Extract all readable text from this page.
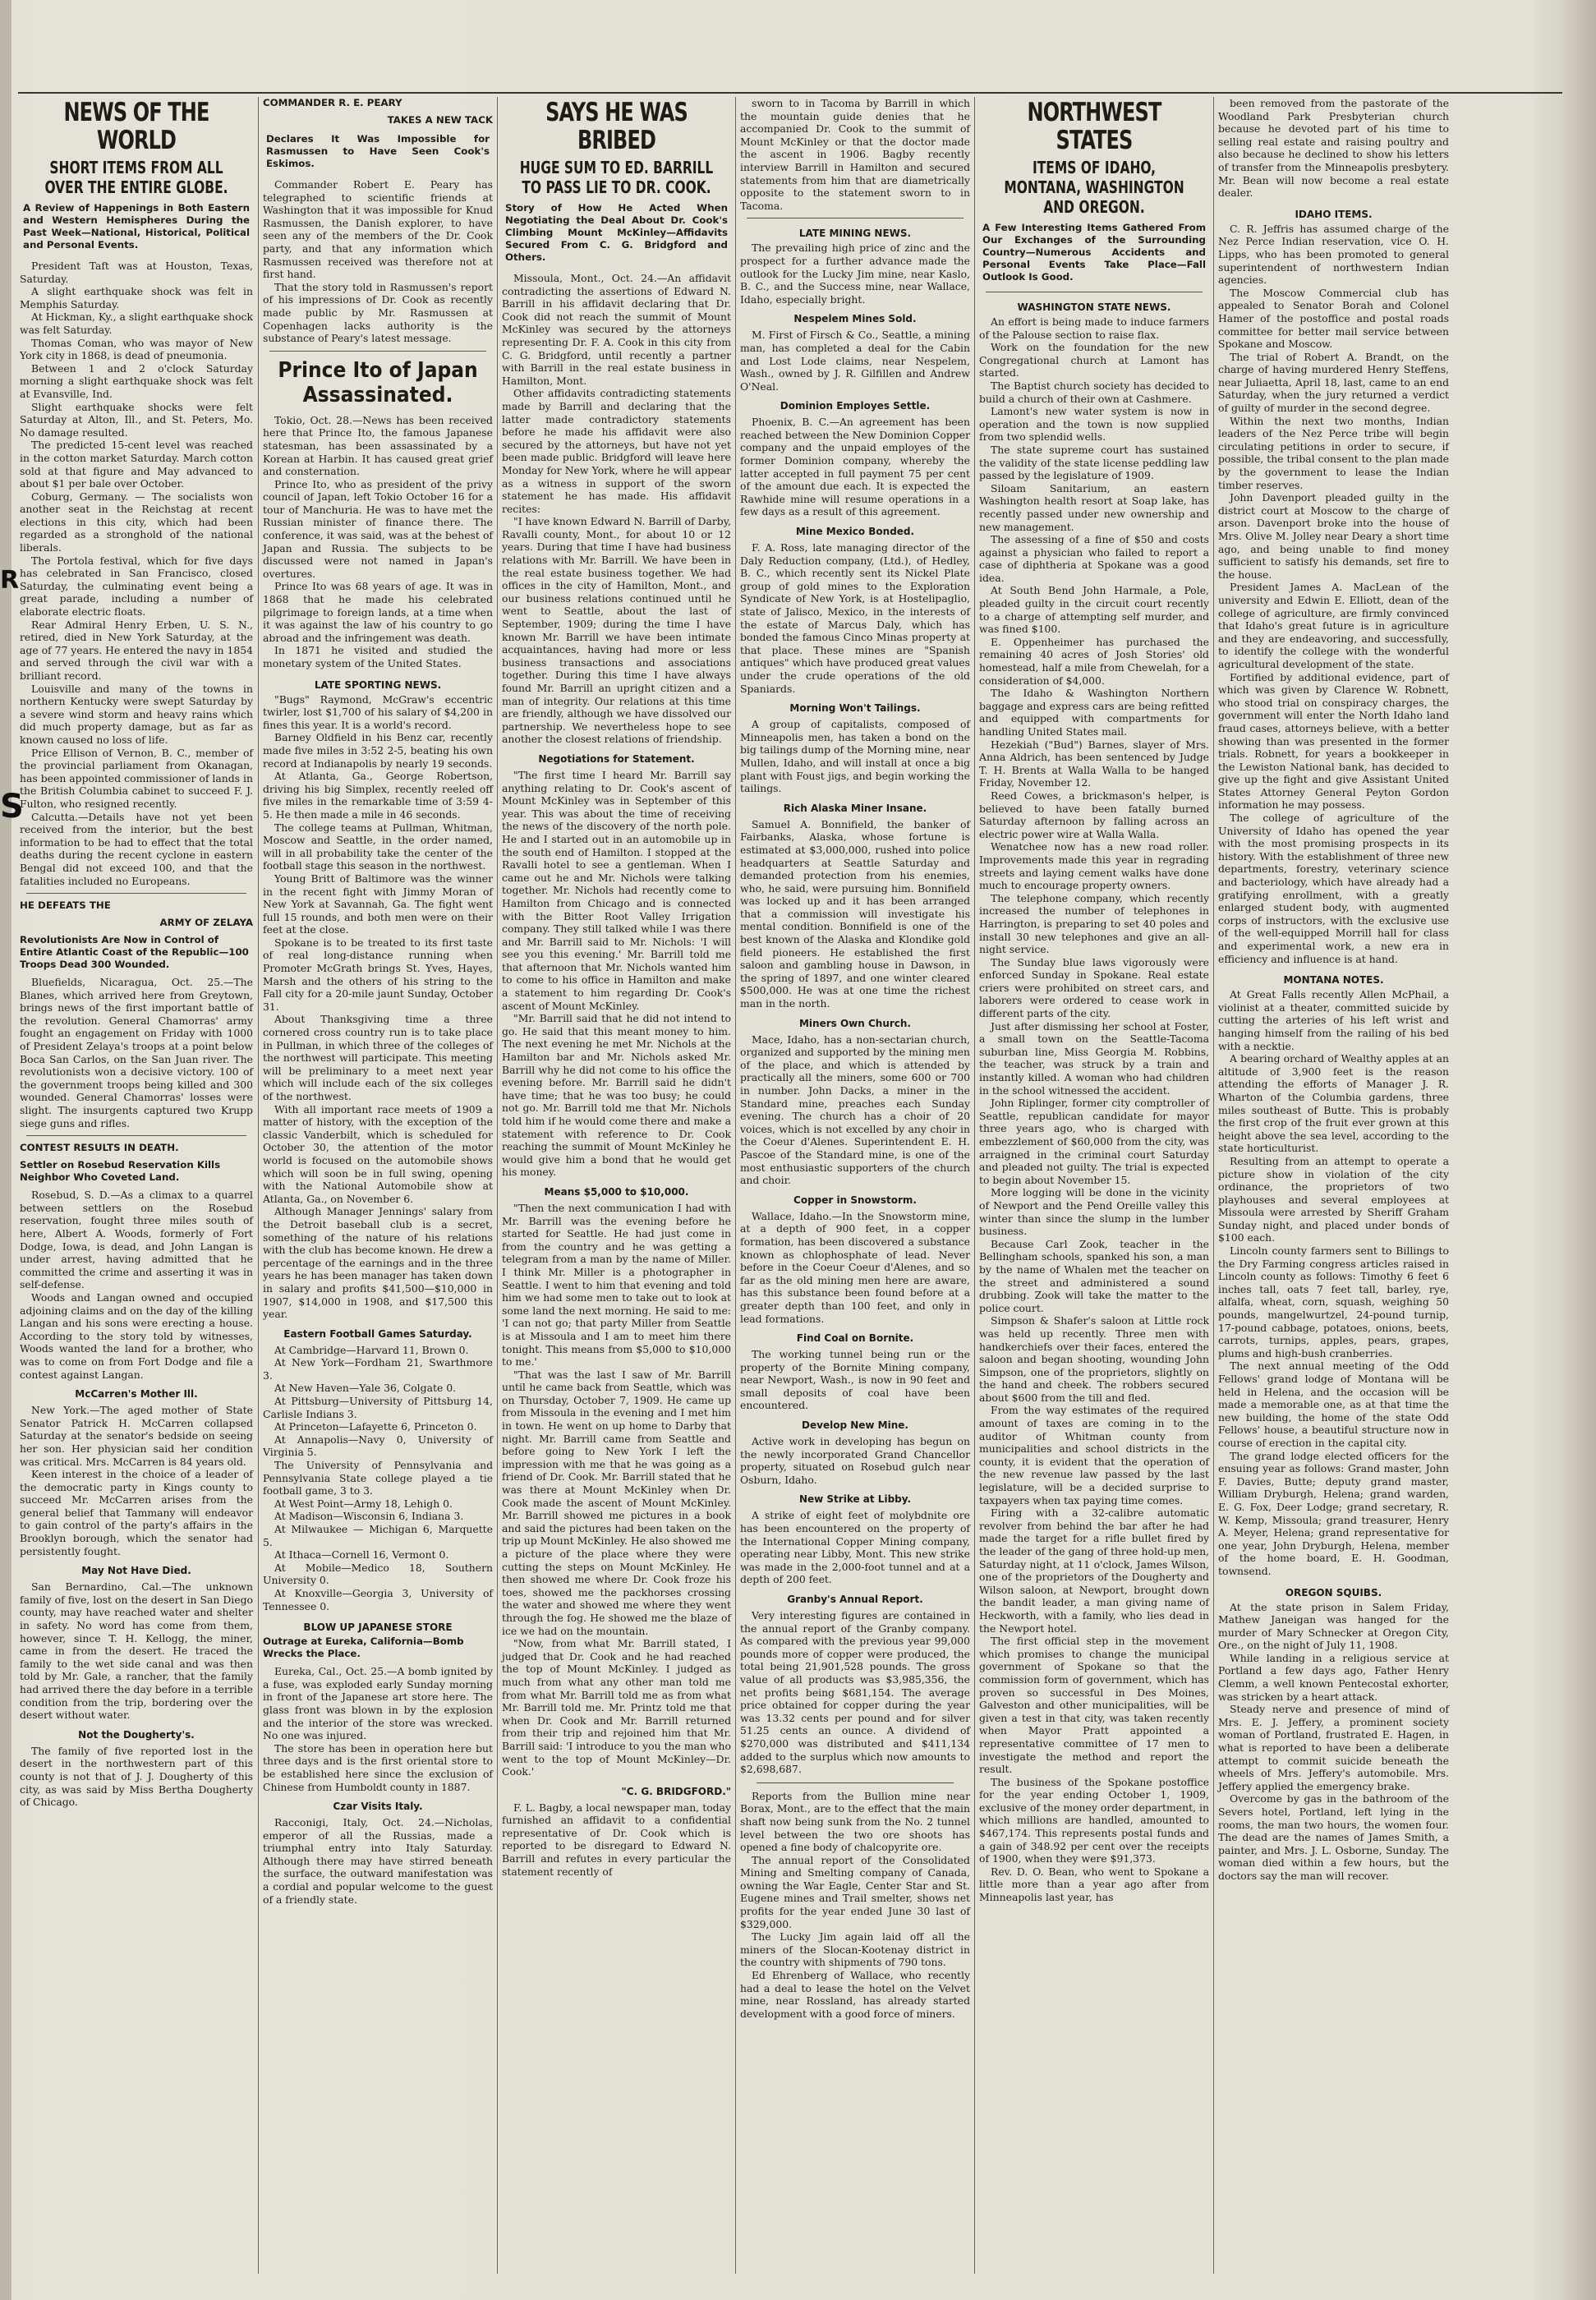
R
S
NEWS OF THE WORLD
SHORT ITEMS FROM ALL OVER THE ENTIRE GLOBE.
A Review of Happenings in Both Eastern and Western Hemispheres During the Past Week—National, Historical, Political and Personal Events.

President Taft was at Houston, Texas, Saturday.

A slight earthquake shock was felt in Memphis Saturday.

At Hickman, Ky., a slight earthquake shock was felt Saturday.

Thomas Coman, who was mayor of New York city in 1868, is dead of pneumonia.

Between 1 and 2 o'clock Saturday morning a slight earthquake shock was felt at Evansville, Ind.

Slight earthquake shocks were felt Saturday at Alton, Ill., and St. Peters, Mo. No damage resulted.

The predicted 15-cent level was reached in the cotton market Saturday. March cotton sold at that figure and May advanced to about $1 per bale over October.

Coburg, Germany. — The socialists won another seat in the Reichstag at recent elections in this city, which had been regarded as a stronghold of the national liberals.

The Portola festival, which for five days has celebrated in San Francisco, closed Saturday, the culminating event being a great parade, including a number of elaborate electric floats.

Rear Admiral Henry Erben, U. S. N., retired, died in New York Saturday, at the age of 77 years. He entered the navy in 1854 and served through the civil war with a brilliant record.

Louisville and many of the towns in northern Kentucky were swept Saturday by a severe wind storm and heavy rains which did much property damage, but as far as known caused no loss of life.

Price Ellison of Vernon, B. C., member of the provincial parliament from Okanagan, has been appointed commissioner of lands in the British Columbia cabinet to succeed F. J. Fulton, who resigned recently.

Calcutta.—Details have not yet been received from the interior, but the best information to be had to effect that the total deaths during the recent cyclone in eastern Bengal did not exceed 100, and that the fatalities included no Europeans.

HE DEFEATS THE
ARMY OF ZELAYA
Revolutionists Are Now in Control of Entire Atlantic Coast of the Republic—100 Troops Dead 300 Wounded.

Bluefields, Nicaragua, Oct. 25.—The Blanes, which arrived here from Greytown, brings news of the first important battle of the revolution. General Chamorras' army fought an engagement on Friday with 1000 of President Zelaya's troops at a point below Boca San Carlos, on the San Juan river. The revolutionists won a decisive victory. 100 of the government troops being killed and 300 wounded. General Chamorras' losses were slight. The insurgents captured two Krupp siege guns and rifles.

CONTEST RESULTS IN DEATH.
Settler on Rosebud Reservation Kills Neighbor Who Coveted Land.

Rosebud, S. D.—As a climax to a quarrel between settlers on the Rosebud reservation, fought three miles south of here, Albert A. Woods, formerly of Fort Dodge, Iowa, is dead, and John Langan is under arrest, having admitted that he committed the crime and asserting it was in self-defense.

Woods and Langan owned and occupied adjoining claims and on the day of the killing Langan and his sons were erecting a house. According to the story told by witnesses, Woods wanted the land for a brother, who was to come on from Fort Dodge and file a contest against Langan.

McCarren's Mother Ill.

New York.—The aged mother of State Senator Patrick H. McCarren collapsed Saturday at the senator's bedside on seeing her son. Her physician said her condition was critical. Mrs. McCarren is 84 years old.

Keen interest in the choice of a leader of the democratic party in Kings county to succeed Mr. McCarren arises from the general belief that Tammany will endeavor to gain control of the party's affairs in the Brooklyn borough, which the senator had persistently fought.

May Not Have Died.

San Bernardino, Cal.—The unknown family of five, lost on the desert in San Diego county, may have reached water and shelter in safety. No word has come from them, however, since T. H. Kellogg, the miner, came in from the desert. He traced the family to the wet side canal and was then told by Mr. Gale, a rancher, that the family had arrived there the day before in a terrible condition from the trip, bordering over the desert without water.

Not the Dougherty's.

The family of five reported lost in the desert in the northwestern part of this county is not that of J. J. Dougherty of this city, as was said by Miss Bertha Dougherty of Chicago.

COMMANDER R. E. PEARY
TAKES A NEW TACK
Declares It Was Impossible for Rasmussen to Have Seen Cook's Eskimos.

Commander Robert E. Peary has telegraphed to scientific friends at Washington that it was impossible for Knud Rasmussen, the Danish explorer, to have seen any of the members of the Dr. Cook party, and that any information which Rasmussen received was therefore not at first hand.

That the story told in Rasmussen's report of his impressions of Dr. Cook as recently made public by Mr. Rasmussen at Copenhagen lacks authority is the substance of Peary's latest message.

Prince Ito of Japan Assassinated.

Tokio, Oct. 28.—News has been received here that Prince Ito, the famous Japanese statesman, has been assassinated by a Korean at Harbin. It has caused great grief and consternation.

Prince Ito, who as president of the privy council of Japan, left Tokio October 16 for a tour of Manchuria. He was to have met the Russian minister of finance there. The conference, it was said, was at the behest of Japan and Russia. The subjects to be discussed were not named in Japan's overtures.

Prince Ito was 68 years of age. It was in 1868 that he made his celebrated pilgrimage to foreign lands, at a time when it was against the law of his country to go abroad and the infringement was death.

In 1871 he visited and studied the monetary system of the United States.

LATE SPORTING NEWS.

"Bugs" Raymond, McGraw's eccentric twirler, lost $1,700 of his salary of $4,200 in fines this year. It is a world's record.

Barney Oldfield in his Benz car, recently made five miles in 3:52 2-5, beating his own record at Indianapolis by nearly 19 seconds.

At Atlanta, Ga., George Robertson, driving his big Simplex, recently reeled off five miles in the remarkable time of 3:59 4-5. He then made a mile in 46 seconds.

The college teams at Pullman, Whitman, Moscow and Seattle, in the order named, will in all probability take the center of the football stage this season in the northwest.

Young Britt of Baltimore was the winner in the recent fight with Jimmy Moran of New York at Savannah, Ga. The fight went full 15 rounds, and both men were on their feet at the close.

Spokane is to be treated to its first taste of real long-distance running when Promoter McGrath brings St. Yves, Hayes, Marsh and the others of his string to the Fall city for a 20-mile jaunt Sunday, October 31.

About Thanksgiving time a three cornered cross country run is to take place in Pullman, in which three of the colleges of the northwest will participate. This meeting will be preliminary to a meet next year which will include each of the six colleges of the northwest.

With all important race meets of 1909 a matter of history, with the exception of the classic Vanderbilt, which is scheduled for October 30, the attention of the motor world is focused on the automobile shows which will soon be in full swing, opening with the National Automobile show at Atlanta, Ga., on November 6.

Although Manager Jennings' salary from the Detroit baseball club is a secret, something of the nature of his relations with the club has become known. He drew a percentage of the earnings and in the three years he has been manager has taken down in salary and profits $41,500—$10,000 in 1907, $14,000 in 1908, and $17,500 this year.

Eastern Football Games Saturday.

At Cambridge—Harvard 11, Brown 0.

At New York—Fordham 21, Swarthmore 3.

At New Haven—Yale 36, Colgate 0.

At Pittsburg—University of Pittsburg 14, Carlisle Indians 3.

At Princeton—Lafayette 6, Princeton 0.

At Annapolis—Navy 0, University of Virginia 5.

The University of Pennsylvania and Pennsylvania State college played a tie football game, 3 to 3.

At West Point—Army 18, Lehigh 0.

At Madison—Wisconsin 6, Indiana 3.

At Milwaukee — Michigan 6, Marquette 5.

At Ithaca—Cornell 16, Vermont 0.

At Mobile—Medico 18, Southern University 0.

At Knoxville—Georgia 3, University of Tennessee 0.

BLOW UP JAPANESE STORE
Outrage at Eureka, California—Bomb Wrecks the Place.

Eureka, Cal., Oct. 25.—A bomb ignited by a fuse, was exploded early Sunday morning in front of the Japanese art store here. The glass front was blown in by the explosion and the interior of the store was wrecked. No one was injured.

The store has been in operation here but three days and is the first oriental store to be established here since the exclusion of Chinese from Humboldt county in 1887.

Czar Visits Italy.

Racconigi, Italy, Oct. 24.—Nicholas, emperor of all the Russias, made a triumphal entry into Italy Saturday. Although there may have stirred beneath the surface, the outward manifestation was a cordial and popular welcome to the guest of a friendly state.

SAYS HE WAS BRIBED
HUGE SUM TO ED. BARRILL TO PASS LIE TO DR. COOK.
Story of How He Acted When Negotiating the Deal About Dr. Cook's Climbing Mount McKinley—Affidavits Secured From C. G. Bridgford and Others.

Missoula, Mont., Oct. 24.—An affidavit contradicting the assertions of Edward N. Barrill in his affidavit declaring that Dr. Cook did not reach the summit of Mount McKinley was secured by the attorneys representing Dr. F. A. Cook in this city from C. G. Bridgford, until recently a partner with Barrill in the real estate business in Hamilton, Mont.

Other affidavits contradicting statements made by Barrill and declaring that the latter made contradictory statements before he made his affidavit were also secured by the attorneys, but have not yet been made public. Bridgford will leave here Monday for New York, where he will appear as a witness in support of the sworn statement he has made. His affidavit recites:

"I have known Edward N. Barrill of Darby, Ravalli county, Mont., for about 10 or 12 years. During that time I have had business relations with Mr. Barrill. We have been in the real estate business together. We had offices in the city of Hamilton, Mont., and our business relations continued until he went to Seattle, about the last of September, 1909; during the time I have known Mr. Barrill we have been intimate acquaintances, having had more or less business transactions and associations together. During this time I have always found Mr. Barrill an upright citizen and a man of integrity. Our relations at this time are friendly, although we have dissolved our partnership. We nevertheless hope to see another the closest relations of friendship.

Negotiations for Statement.

"The first time I heard Mr. Barrill say anything relating to Dr. Cook's ascent of Mount McKinley was in September of this year. This was about the time of receiving the news of the discovery of the north pole. He and I started out in an automobile up in the south end of Hamilton. I stopped at the Ravalli hotel to see a gentleman. When I came out he and Mr. Nichols were talking together. Mr. Nichols had recently come to Hamilton from Chicago and is connected with the Bitter Root Valley Irrigation company. They still talked while I was there and Mr. Barrill said to Mr. Nichols: 'I will see you this evening.' Mr. Barrill told me that afternoon that Mr. Nichols wanted him to come to his office in Hamilton and make a statement to him regarding Dr. Cook's ascent of Mount McKinley.

"Mr. Barrill said that he did not intend to go. He said that this meant money to him. The next evening he met Mr. Nichols at the Hamilton bar and Mr. Nichols asked Mr. Barrill why he did not come to his office the evening before. Mr. Barrill said he didn't have time; that he was too busy; he could not go. Mr. Barrill told me that Mr. Nichols told him if he would come there and make a statement with reference to Dr. Cook reaching the summit of Mount McKinley he would give him a bond that he would get his money.

Means $5,000 to $10,000.

"Then the next communication I had with Mr. Barrill was the evening before he started for Seattle. He had just come in from the country and he was getting a telegram from a man by the name of Miller. I think Mr. Miller is a photographer in Seattle. I went to him that evening and told him we had some men to take out to look at some land the next morning. He said to me: 'I can not go; that party Miller from Seattle is at Missoula and I am to meet him there tonight. This means from $5,000 to $10,000 to me.'

"That was the last I saw of Mr. Barrill until he came back from Seattle, which was on Thursday, October 7, 1909. He came up from Missoula in the evening and I met him in town. He went on up home to Darby that night. Mr. Barrill came from Seattle and before going to New York I left the impression with me that he was going as a friend of Dr. Cook. Mr. Barrill stated that he was there at Mount McKinley when Dr. Cook made the ascent of Mount McKinley. Mr. Barrill showed me pictures in a book and said the pictures had been taken on the trip up Mount McKinley. He also showed me a picture of the place where they were cutting the steps on Mount McKinley. He then showed me where Dr. Cook froze his toes, showed me the packhorses crossing the water and showed me where they went through the fog. He showed me the blaze of ice we had on the mountain.

"Now, from what Mr. Barrill stated, I judged that Dr. Cook and he had reached the top of Mount McKinley. I judged as much from what any other man told me from what Mr. Barrill told me as from what Mr. Barrill told me. Mr. Printz told me that when Dr. Cook and Mr. Barrill returned from their trip and rejoined him that Mr. Barrill said: 'I introduce to you the man who went to the top of Mount McKinley—Dr. Cook.'

"C. G. BRIDGFORD."

F. L. Bagby, a local newspaper man, today furnished an affidavit to a confidential representative of Dr. Cook which is reported to be disregard to Edward N. Barrill and refutes in every particular the statement recently of

sworn to in Tacoma by Barrill in which the mountain guide denies that he accompanied Dr. Cook to the summit of Mount McKinley or that the doctor made the ascent in 1906. Bagby recently interview Barrill in Hamilton and secured statements from him that are diametrically opposite to the statement sworn to in Tacoma.

LATE MINING NEWS.

The prevailing high price of zinc and the prospect for a further advance made the outlook for the Lucky Jim mine, near Kaslo, B. C., and the Success mine, near Wallace, Idaho, especially bright.

Nespelem Mines Sold.

M. First of Firsch & Co., Seattle, a mining man, has completed a deal for the Cabin and Lost Lode claims, near Nespelem, Wash., owned by J. R. Gilfillen and Andrew O'Neal.

Dominion Employes Settle.

Phoenix, B. C.—An agreement has been reached between the New Dominion Copper company and the unpaid employes of the former Dominion company, whereby the latter accepted in full payment 75 per cent of the amount due each. It is expected the Rawhide mine will resume operations in a few days as a result of this agreement.

Mine Mexico Bonded.

F. A. Ross, late managing director of the Daly Reduction company, (Ltd.), of Hedley, B. C., which recently sent its Nickel Plate group of gold mines to the Exploration Syndicate of New York, is at Hostelipaglio, state of Jalisco, Mexico, in the interests of the estate of Marcus Daly, which has bonded the famous Cinco Minas property at that place. These mines are "Spanish antiques" which have produced great values under the crude operations of the old Spaniards.

Morning Won't Tailings.

A group of capitalists, composed of Minneapolis men, has taken a bond on the big tailings dump of the Morning mine, near Mullen, Idaho, and will install at once a big plant with Foust jigs, and begin working the tailings.

Rich Alaska Miner Insane.

Samuel A. Bonnifield, the banker of Fairbanks, Alaska, whose fortune is estimated at $3,000,000, rushed into police headquarters at Seattle Saturday and demanded protection from his enemies, who, he said, were pursuing him. Bonnifield was locked up and it has been arranged that a commission will investigate his mental condition. Bonnifield is one of the best known of the Alaska and Klondike gold field pioneers. He established the first saloon and gambling house in Dawson, in the spring of 1897, and one winter cleared $500,000. He was at one time the richest man in the north.

Miners Own Church.

Mace, Idaho, has a non-sectarian church, organized and supported by the mining men of the place, and which is attended by practically all the miners, some 600 or 700 in number. John Dacks, a miner in the Standard mine, preaches each Sunday evening. The church has a choir of 20 voices, which is not excelled by any choir in the Coeur d'Alenes. Superintendent E. H. Pascoe of the Standard mine, is one of the most enthusiastic supporters of the church and choir.

Copper in Snowstorm.

Wallace, Idaho.—In the Snowstorm mine, at a depth of 900 feet, in a copper formation, has been discovered a substance known as chlophosphate of lead. Never before in the Coeur Coeur d'Alenes, and so far as the old mining men here are aware, has this substance been found before at a greater depth than 100 feet, and only in lead formations.

Find Coal on Bornite.

The working tunnel being run or the property of the Bornite Mining company, near Newport, Wash., is now in 90 feet and small deposits of coal have been encountered.

Develop New Mine.

Active work in developing has begun on the newly incorporated Grand Chancellor property, situated on Rosebud gulch near Osburn, Idaho.

New Strike at Libby.

A strike of eight feet of molybdnite ore has been encountered on the property of the International Copper Mining company, operating near Libby, Mont. This new strike was made in the 2,000-foot tunnel and at a depth of 200 feet.

Granby's Annual Report.

Very interesting figures are contained in the annual report of the Granby company. As compared with the previous year 99,000 pounds more of copper were produced, the total being 21,901,528 pounds. The gross value of all products was $3,985,356, the net profits being $681,154. The average price obtained for copper during the year was 13.32 cents per pound and for silver 51.25 cents an ounce. A dividend of $270,000 was distributed and $411,134 added to the surplus which now amounts to $2,698,687.

Reports from the Bullion mine near Borax, Mont., are to the effect that the main shaft now being sunk from the No. 2 tunnel level between the two ore shoots has opened a fine body of chalcopyrite ore.

The annual report of the Consolidated Mining and Smelting company of Canada, owning the War Eagle, Center Star and St. Eugene mines and Trail smelter, shows net profits for the year ended June 30 last of $329,000.

The Lucky Jim again laid off all the miners of the Slocan-Kootenay district in the country with shipments of 790 tons.

Ed Ehrenberg of Wallace, who recently had a deal to lease the hotel on the Velvet mine, near Rossland, has already started development with a good force of miners.

NORTHWEST STATES
ITEMS OF IDAHO, MONTANA, WASHINGTON AND OREGON.
A Few Interesting Items Gathered From Our Exchanges of the Surrounding Country—Numerous Accidents and Personal Events Take Place—Fall Outlook Is Good.
WASHINGTON STATE NEWS.

An effort is being made to induce farmers of the Palouse section to raise flax.

Work on the foundation for the new Congregational church at Lamont has started.

The Baptist church society has decided to build a church of their own at Cashmere.

Lamont's new water system is now in operation and the town is now supplied from two splendid wells.

The state supreme court has sustained the validity of the state license peddling law passed by the legislature of 1909.

Siloam Sanitarium, an eastern Washington health resort at Soap lake, has recently passed under new ownership and new management.

The assessing of a fine of $50 and costs against a physician who failed to report a case of diphtheria at Spokane was a good idea.

At South Bend John Harmale, a Pole, pleaded guilty in the circuit court recently to a charge of attempting self murder, and was fined $100.

E. Oppenheimer has purchased the remaining 40 acres of Josh Stories' old homestead, half a mile from Chewelah, for a consideration of $4,000.

The Idaho & Washington Northern baggage and express cars are being refitted and equipped with compartments for handling United States mail.

Hezekiah ("Bud") Barnes, slayer of Mrs. Anna Aldrich, has been sentenced by Judge T. H. Brents at Walla Walla to be hanged Friday, November 12.

Reed Cowes, a brickmason's helper, is believed to have been fatally burned Saturday afternoon by falling across an electric power wire at Walla Walla.

Wenatchee now has a new road roller. Improvements made this year in regrading streets and laying cement walks have done much to encourage property owners.

The telephone company, which recently increased the number of telephones in Harrington, is preparing to set 40 poles and install 30 new telephones and give an all-night service.

The Sunday blue laws vigorously were enforced Sunday in Spokane. Real estate criers were prohibited on street cars, and laborers were ordered to cease work in different parts of the city.

Just after dismissing her school at Foster, a small town on the Seattle-Tacoma suburban line, Miss Georgia M. Robbins, the teacher, was struck by a train and instantly killed. A woman who had children in the school witnessed the accident.

John Riplinger, former city comptroller of Seattle, republican candidate for mayor three years ago, who is charged with embezzlement of $60,000 from the city, was arraigned in the criminal court Saturday and pleaded not guilty. The trial is expected to begin about November 15.

More logging will be done in the vicinity of Newport and the Pend Oreille valley this winter than since the slump in the lumber business.

Because Carl Zook, teacher in the Bellingham schools, spanked his son, a man by the name of Whalen met the teacher on the street and administered a sound drubbing. Zook will take the matter to the police court.

Simpson & Shafer's saloon at Little rock was held up recently. Three men with handkerchiefs over their faces, entered the saloon and began shooting, wounding John Simpson, one of the proprietors, slightly on the hand and cheek. The robbers secured about $600 from the till and fled.

From the way estimates of the required amount of taxes are coming in to the auditor of Whitman county from municipalities and school districts in the county, it is evident that the operation of the new revenue law passed by the last legislature, will be a decided surprise to taxpayers when tax paying time comes.

Firing with a 32-calibre automatic revolver from behind the bar after he had made the target for a rifle bullet fired by the leader of the gang of three hold-up men, Saturday night, at 11 o'clock, James Wilson, one of the proprietors of the Dougherty and Wilson saloon, at Newport, brought down the bandit leader, a man giving name of Heckworth, with a family, who lies dead in the Newport hotel.

The first official step in the movement which promises to change the municipal government of Spokane so that the commission form of government, which has proven so successful in Des Moines, Galveston and other municipalities, will be given a test in that city, was taken recently when Mayor Pratt appointed a representative committee of 17 men to investigate the method and report the result.

The business of the Spokane postoffice for the year ending October 1, 1909, exclusive of the money order department, in which millions are handled, amounted to $467,174. This represents postal funds and a gain of 348.92 per cent over the receipts of 1900, when they were $91,373.

Rev. D. O. Bean, who went to Spokane a little more than a year ago after from Minneapolis last year, has

been removed from the pastorate of the Woodland Park Presbyterian church because he devoted part of his time to selling real estate and raising poultry and also because he declined to show his letters of transfer from the Minneapolis presbytery. Mr. Bean will now become a real estate dealer.

IDAHO ITEMS.

C. R. Jeffris has assumed charge of the Nez Perce Indian reservation, vice O. H. Lipps, who has been promoted to general superintendent of northwestern Indian agencies.

The Moscow Commercial club has appealed to Senator Borah and Colonel Hamer of the postoffice and postal roads committee for better mail service between Spokane and Moscow.

The trial of Robert A. Brandt, on the charge of having murdered Henry Steffens, near Juliaetta, April 18, last, came to an end Saturday, when the jury returned a verdict of guilty of murder in the second degree.

Within the next two months, Indian leaders of the Nez Perce tribe will begin circulating petitions in order to secure, if possible, the tribal consent to the plan made by the government to lease the Indian timber reserves.

John Davenport pleaded guilty in the district court at Moscow to the charge of arson. Davenport broke into the house of Mrs. Olive M. Jolley near Deary a short time ago, and being unable to find money sufficient to satisfy his demands, set fire to the house.

President James A. MacLean of the university and Edwin E. Elliott, dean of the college of agriculture, are firmly convinced that Idaho's great future is in agriculture and they are endeavoring, and successfully, to identify the college with the wonderful agricultural development of the state.

Fortified by additional evidence, part of which was given by Clarence W. Robnett, who stood trial on conspiracy charges, the government will enter the North Idaho land fraud cases, attorneys believe, with a better showing than was presented in the former trials. Robnett, for years a bookkeeper in the Lewiston National bank, has decided to give up the fight and give Assistant United States Attorney General Peyton Gordon information he may possess.

The college of agriculture of the University of Idaho has opened the year with the most promising prospects in its history. With the establishment of three new departments, forestry, veterinary science and bacteriology, which have already had a gratifying enrollment, with a greatly enlarged student body, with augmented corps of instructors, with the exclusive use of the well-equipped Morrill hall for class and experimental work, a new era in efficiency and influence is at hand.

MONTANA NOTES.

At Great Falls recently Allen McPhail, a violinist at a theater, committed suicide by cutting the arteries of his left wrist and hanging himself from the railing of his bed with a necktie.

A bearing orchard of Wealthy apples at an altitude of 3,900 feet is the reason attending the efforts of Manager J. R. Wharton of the Columbia gardens, three miles southeast of Butte. This is probably the first crop of the fruit ever grown at this height above the sea level, according to the state horticulturist.

Resulting from an attempt to operate a picture show in violation of the city ordinance, the proprietors of two playhouses and several employees at Missoula were arrested by Sheriff Graham Sunday night, and placed under bonds of $100 each.

Lincoln county farmers sent to Billings to the Dry Farming congress articles raised in Lincoln county as follows: Timothy 6 feet 6 inches tall, oats 7 feet tall, barley, rye, alfalfa, wheat, corn, squash, weighing 50 pounds, mangelwurtzel, 24-pound turnip, 17-pound cabbage, potatoes, onions, beets, carrots, turnips, apples, pears, grapes, plums and high-bush cranberries.

The next annual meeting of the Odd Fellows' grand lodge of Montana will be held in Helena, and the occasion will be made a memorable one, as at that time the new building, the home of the state Odd Fellows' house, a beautiful structure now in course of erection in the capital city.

The grand lodge elected officers for the ensuing year as follows: Grand master, John F. Davies, Butte; deputy grand master, William Dryburgh, Helena; grand warden, E. G. Fox, Deer Lodge; grand secretary, R. W. Kemp, Missoula; grand treasurer, Henry A. Meyer, Helena; grand representative for one year, John Dryburgh, Helena, member of the home board, E. H. Goodman, townsend.

OREGON SQUIBS.

At the state prison in Salem Friday, Mathew Janeigan was hanged for the murder of Mary Schnecker at Oregon City, Ore., on the night of July 11, 1908.

While landing in a religious service at Portland a few days ago, Father Henry Clemm, a well known Pentecostal exhorter, was stricken by a heart attack.

Steady nerve and presence of mind of Mrs. E. J. Jeffery, a prominent society woman of Portland, frustrated E. Hagen, in what is reported to have been a deliberate attempt to commit suicide beneath the wheels of Mrs. Jeffery's automobile. Mrs. Jeffery applied the emergency brake.

Overcome by gas in the bathroom of the Severs hotel, Portland, left lying in the rooms, the man two hours, the women four. The dead are the names of James Smith, a painter, and Mrs. J. L. Osborne, Sunday. The woman died within a few hours, but the doctors say the man will recover.
